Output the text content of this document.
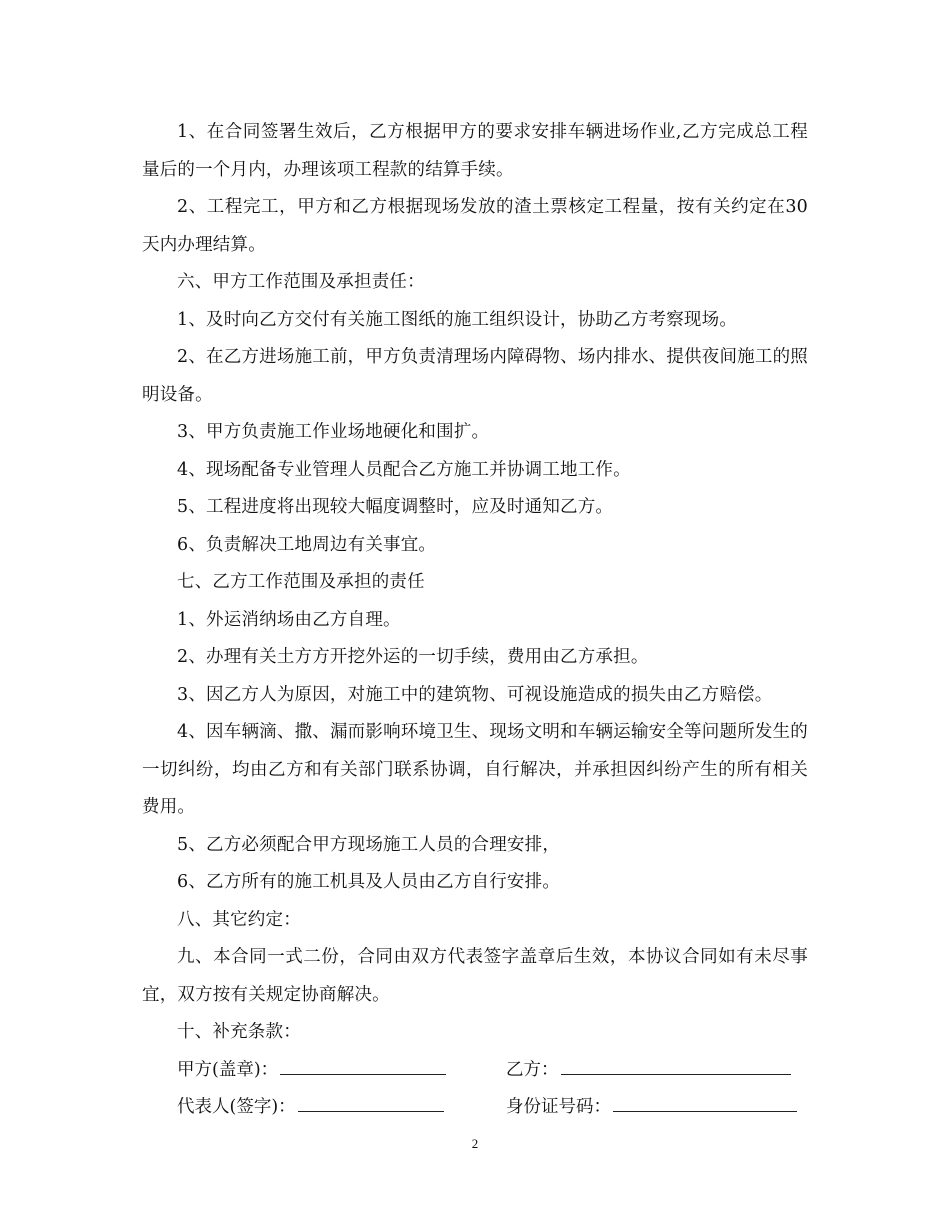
1、在合同签署生效后，乙方根据甲方的要求安排车辆进场作业,乙方完成总工程量后的一个月内，办理该项工程款的结算手续。

2、工程完工，甲方和乙方根据现场发放的渣土票核定工程量，按有关约定在30天内办理结算。

六、甲方工作范围及承担责任：

1、及时向乙方交付有关施工图纸的施工组织设计，协助乙方考察现场。

2、在乙方进场施工前，甲方负责清理场内障碍物、场内排水、提供夜间施工的照明设备。

3、甲方负责施工作业场地硬化和围扩。

4、现场配备专业管理人员配合乙方施工并协调工地工作。

5、工程进度将出现较大幅度调整时，应及时通知乙方。

6、负责解决工地周边有关事宜。

七、乙方工作范围及承担的责任

1、外运消纳场由乙方自理。

2、办理有关土方方开挖外运的一切手续，费用由乙方承担。

3、因乙方人为原因，对施工中的建筑物、可视设施造成的损失由乙方赔偿。

4、因车辆滴、撒、漏而影响环境卫生、现场文明和车辆运输安全等问题所发生的一切纠纷，均由乙方和有关部门联系协调，自行解决，并承担因纠纷产生的所有相关费用。

5、乙方必须配合甲方现场施工人员的合理安排，

6、乙方所有的施工机具及人员由乙方自行安排。

八、其它约定：

九、本合同一式二份，合同由双方代表签字盖章后生效，本协议合同如有未尽事宜，双方按有关规定协商解决。

十、补充条款：

甲方(盖章)：	乙方：
代表人(签字)：	身份证号码：
2
